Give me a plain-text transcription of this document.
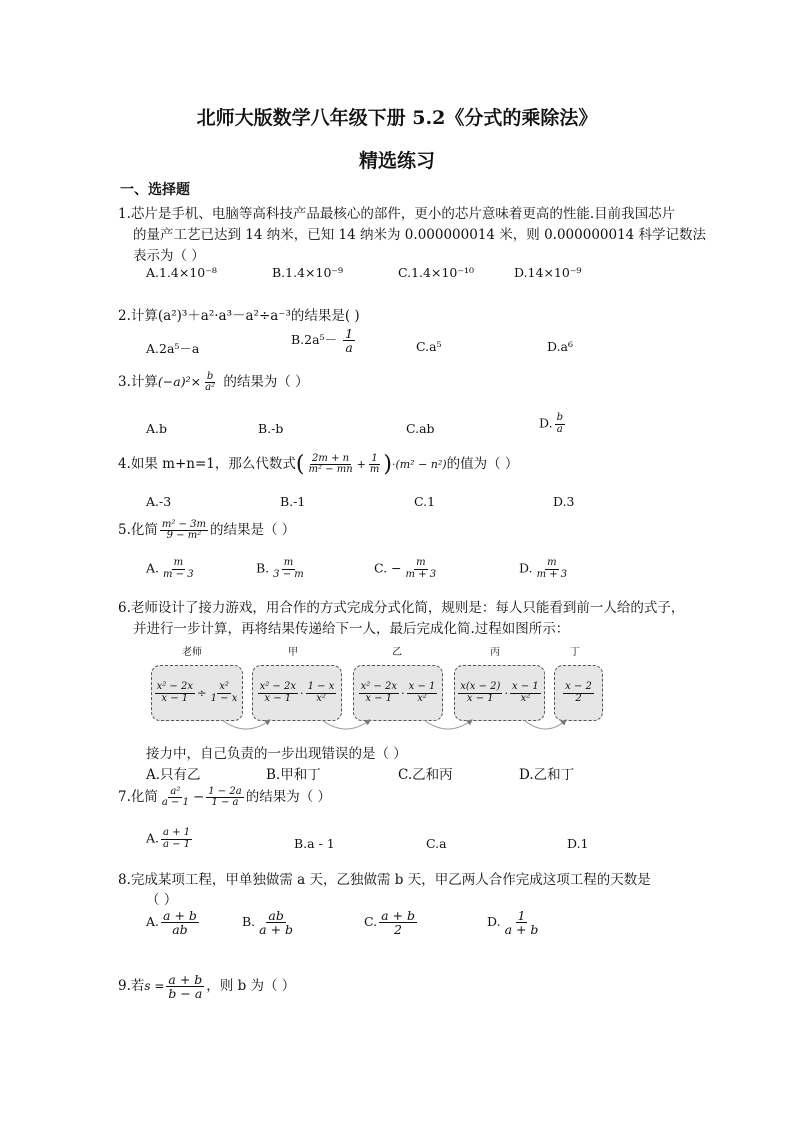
北师大版数学八年级下册 5.2《分式的乘除法》
精选练习
一、选择题
1.芯片是手机、电脑等高科技产品最核心的部件，更小的芯片意味着更高的性能.目前我国芯片
的量产工艺已达到 14 纳米，已知 14 纳米为 0.000000014 米，则 0.000000014 科学记数法
表示为（ ）
A.1.4×10⁻⁸	B.1.4×10⁻⁹	C.1.4×10⁻¹⁰	D.14×10⁻⁹
2.计算(a²)³＋a²·a³－a²÷a⁻³的结果是( )
A.2a⁵－a
$B.2a^5- \frac{1}{a}$	C.a⁵	D.a⁶
3.计算$(-a)^2\times \frac{b}{\text{a²}}$ 的结果为（ ）
A.b	B.-b	C.ab	D. $\frac{b}{a}$
4.如果 m+n=1，那么代数式( $\frac{2m + n}{\text{m² − mn}} + \frac{1}{m} )\cdot(m^2 - n^2)$的值为（ ）
A.-3	B.-1	C.1	D.3
5.化简 $\frac{\text{m² − 3m}}{\text{9 − m²}}$ 的结果是（ ）
A. $\frac{m}{m - 3}$	B. $\frac{m}{3 - m}$	C. − $\frac{m}{m + 3}$	D. $\frac{m}{m + 3}$
6.老师设计了接力游戏，用合作的方式完成分式化简，规则是：每人只能看到前一人给的式子，
并进行一步计算，再将结果传递给下一人，最后完成化简.过程如图所示：
老师	甲	乙	丙	丁
$\frac{\text{x² − 2x}}{x - 1} \div \frac{\text{x²}}{1 - x} \frac{\text{x² − 2x}}{x - 1} \cdot \frac{1 - x}{\text{x²}} \frac{\text{x² − 2x}}{x - 1} \cdot \frac{x - 1}{\text{x²}} \frac{x(x - 2)}{x - 1} \cdot \frac{x - 1}{\text{x²}} \frac{x - 2}{2}$
接力中，自己负责的一步出现错误的是（ ）
A.只有乙	B.甲和丁	C.乙和丙	D.乙和丁
7.化简 $\frac{\text{a²}}{a - 1} - \frac{1 - 2a}{1 - a}$ 的结果为（ ）
A. $\frac{a + 1}{a - 1}$	B.a - 1	C.a	D.1
8.完成某项工程，甲单独做需 a 天，乙独做需 b 天，甲乙两人合作完成这项工程的天数是
（ ）
A. $\frac{a + b}{ab}$	B. $\frac{ab}{a + b}$	C. $\frac{a + b}{2}$	D. $\frac{1}{a + b}$
9.若$s = \frac{a + b}{b - a}$ ，则 b 为（ ）
